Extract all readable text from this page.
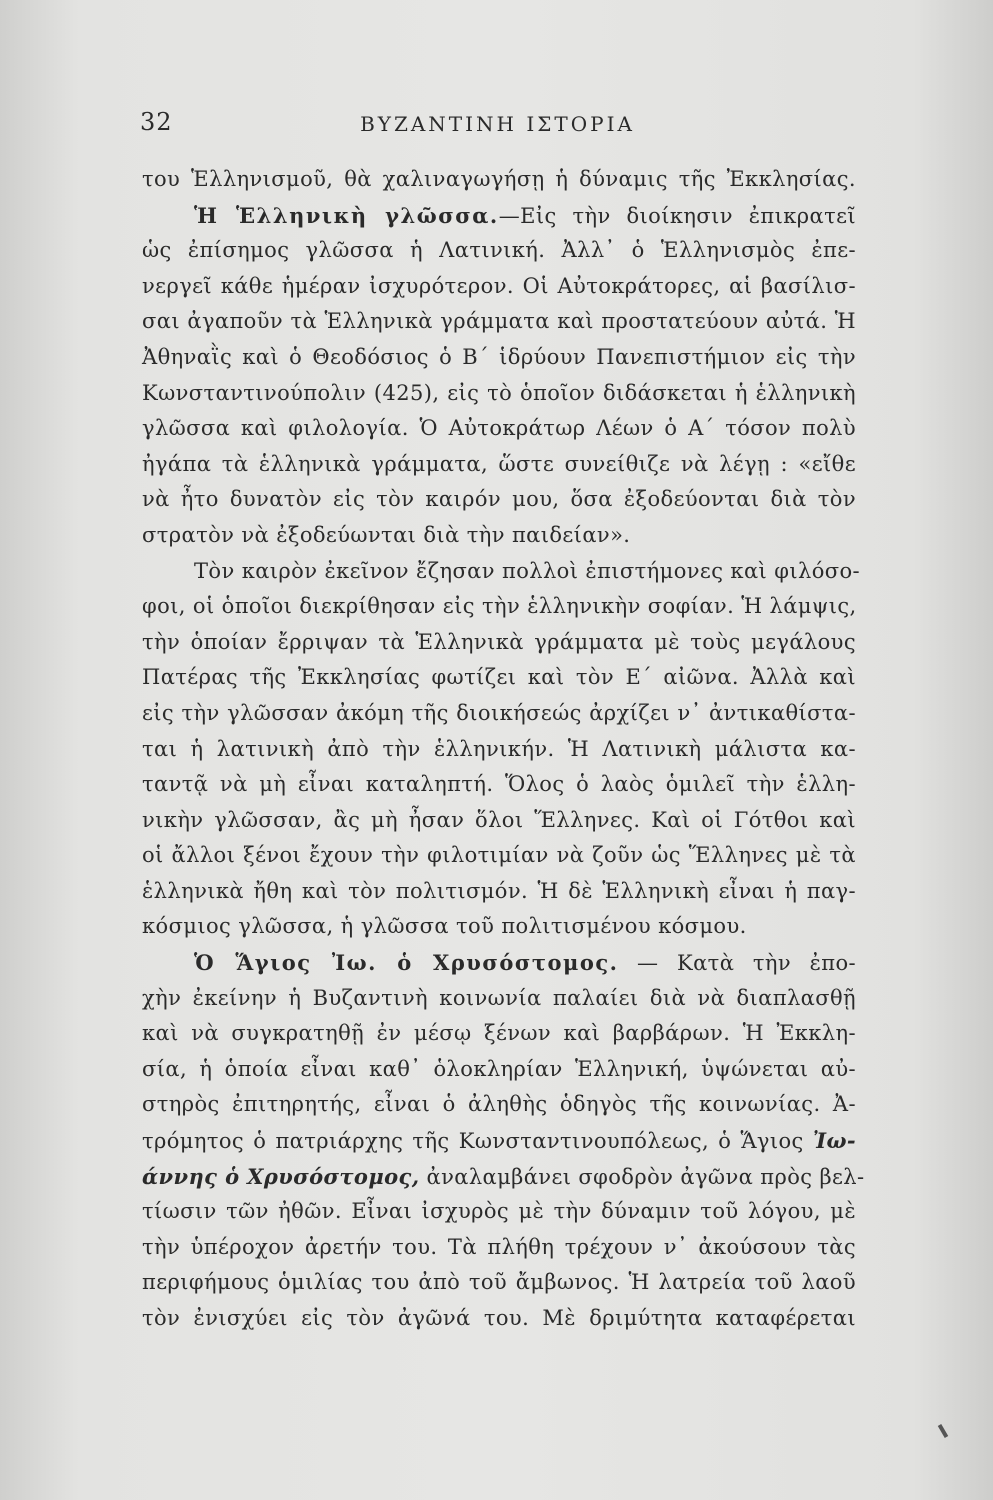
32	ΒΥΖΑΝΤΙΝΗ ΙΣΤΟΡΙΑ
του Ἑλληνισμοῦ, θὰ χαλιναγωγήσῃ ἡ δύναμις τῆς Ἐκκλησίας.
Ἡ Ἑλληνικὴ γλῶσσα.—Εἰς τὴν διοίκησιν ἐπικρατεῖ
ὡς ἐπίσημος γλῶσσα ἡ Λατινική. Ἀλλ᾽ ὁ Ἑλληνισμὸς ἐπε-
νεργεῖ κάθε ἡμέραν ἰσχυρότερον. Οἱ Αὐτοκράτορες, αἱ βασίλισ-
σαι ἀγαποῦν τὰ Ἑλληνικὰ γράμματα καὶ προστατεύουν αὐτά. Ἡ
Ἀθηναῒς καὶ ὁ Θεοδόσιος ὁ Β´ ἱδρύουν Πανεπιστήμιον εἰς τὴν
Κωνσταντινούπολιν (425), εἰς τὸ ὁποῖον διδάσκεται ἡ ἑλληνικὴ
γλῶσσα καὶ φιλολογία. Ὁ Αὐτοκράτωρ Λέων ὁ Α´ τόσον πολὺ
ἠγάπα τὰ ἑλληνικὰ γράμματα, ὥστε συνείθιζε νὰ λέγῃ : «εἴθε
νὰ ἦτο δυνατὸν εἰς τὸν καιρόν μου, ὅσα ἐξοδεύονται διὰ τὸν
στρατὸν νὰ ἐξοδεύωνται διὰ τὴν παιδείαν».
Τὸν καιρὸν ἐκεῖνον ἔζησαν πολλοὶ ἐπιστήμονες καὶ φιλόσο-
φοι, οἱ ὁποῖοι διεκρίθησαν εἰς τὴν ἑλληνικὴν σοφίαν. Ἡ λάμψις,
τὴν ὁποίαν ἔρριψαν τὰ Ἑλληνικὰ γράμματα μὲ τοὺς μεγάλους
Πατέρας τῆς Ἐκκλησίας φωτίζει καὶ τὸν Ε´ αἰῶνα. Ἀλλὰ καὶ
εἰς τὴν γλῶσσαν ἀκόμη τῆς διοικήσεώς ἀρχίζει ν᾽ ἀντικαθίστα-
ται ἡ λατινικὴ ἀπὸ τὴν ἑλληνικήν. Ἡ Λατινικὴ μάλιστα κα-
ταντᾷ νὰ μὴ εἶναι καταληπτή. Ὅλος ὁ λαὸς ὁμιλεῖ τὴν ἑλλη-
νικὴν γλῶσσαν, ἂς μὴ ἦσαν ὅλοι Ἕλληνες. Καὶ οἱ Γότθοι καὶ
οἱ ἄλλοι ξένοι ἔχουν τὴν φιλοτιμίαν νὰ ζοῦν ὡς Ἕλληνες μὲ τὰ
ἑλληνικὰ ἤθη καὶ τὸν πολιτισμόν. Ἡ δὲ Ἑλληνικὴ εἶναι ἡ παγ-
κόσμιος γλῶσσα, ἡ γλῶσσα τοῦ πολιτισμένου κόσμου.
Ὁ Ἅγιος Ἰω. ὁ Χρυσόστομος. — Κατὰ τὴν ἐπο-
χὴν ἐκείνην ἡ Βυζαντινὴ κοινωνία παλαίει διὰ νὰ διαπλασθῇ
καὶ νὰ συγκρατηθῇ ἐν μέσῳ ξένων καὶ βαρβάρων. Ἡ Ἐκκλη-
σία, ἡ ὁποία εἶναι καθ᾽ ὁλοκληρίαν Ἑλληνική, ὑψώνεται αὐ-
στηρὸς ἐπιτηρητής, εἶναι ὁ ἀληθὴς ὁδηγὸς τῆς κοινωνίας. Ἀ-
τρόμητος ὁ πατριάρχης τῆς Κωνσταντινουπόλεως, ὁ Ἅγιος Ἰω-
άννης ὁ Χρυσόστομος, ἀναλαμβάνει σφοδρὸν ἀγῶνα πρὸς βελ-
τίωσιν τῶν ἠθῶν. Εἶναι ἰσχυρὸς μὲ τὴν δύναμιν τοῦ λόγου, μὲ
τὴν ὑπέροχον ἀρετήν του. Τὰ πλήθη τρέχουν ν᾽ ἀκούσουν τὰς
περιφήμους ὁμιλίας του ἀπὸ τοῦ ἄμβωνος. Ἡ λατρεία τοῦ λαοῦ
τὸν ἐνισχύει εἰς τὸν ἀγῶνά του. Μὲ δριμύτητα καταφέρεται
